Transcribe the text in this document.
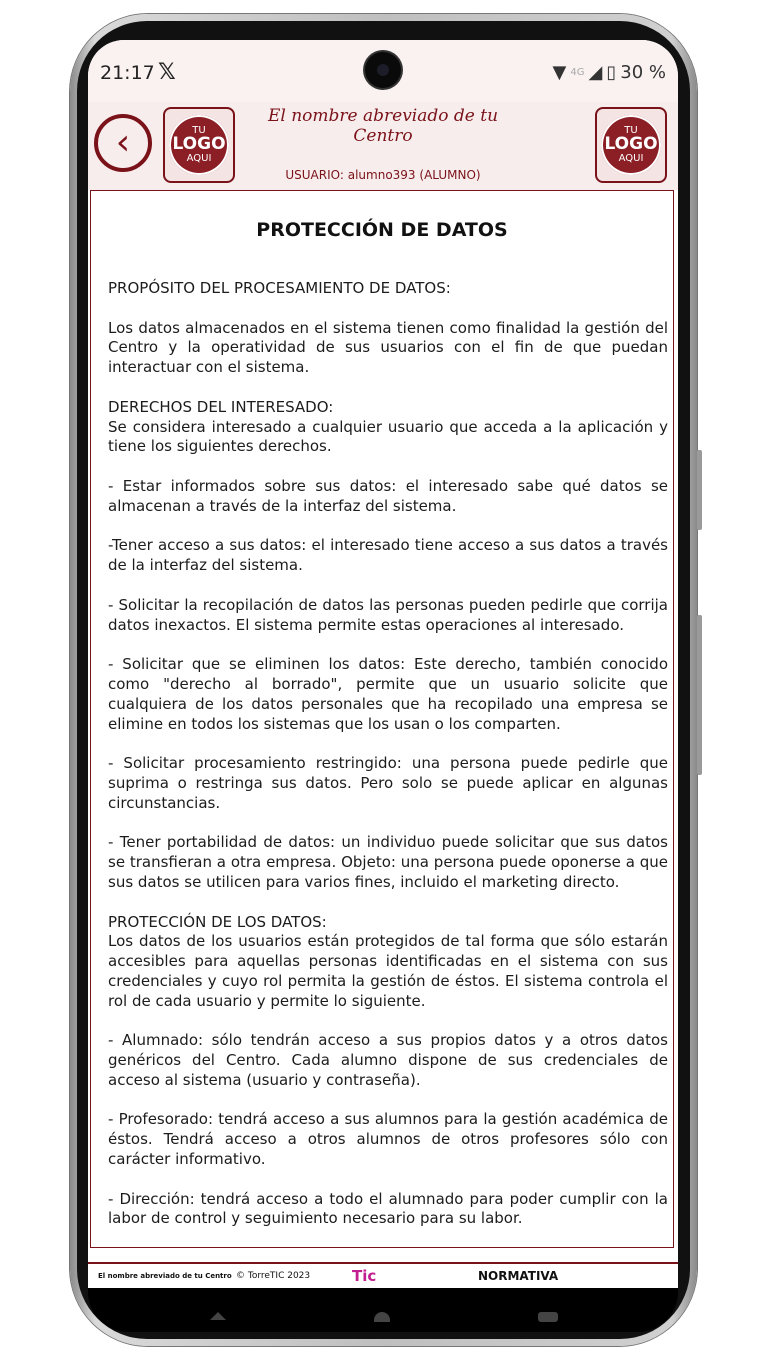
21:17 𝕏	▼ 4G ◢ ▯ 30 %
‹	TU
LOGO
AQUI
El nombre abreviado de tu Centro
USUARIO: alumno393 (ALUMNO)
TU
LOGO
AQUI
PROTECCIÓN DE DATOS

PROPÓSITO DEL PROCESAMIENTO DE DATOS:

Los datos almacenados en el sistema tienen como finalidad la gestión del Centro y la operatividad de sus usuarios con el fin de que puedan interactuar con el sistema.

DERECHOS DEL INTERESADO:
Se considera interesado a cualquier usuario que acceda a la aplicación y tiene los siguientes derechos.

- Estar informados sobre sus datos: el interesado sabe qué datos se almacenan a través de la interfaz del sistema.

-Tener acceso a sus datos: el interesado tiene acceso a sus datos a través de la interfaz del sistema.

- Solicitar la recopilación de datos las personas pueden pedirle que corrija datos inexactos. El sistema permite estas operaciones al interesado.

- Solicitar que se eliminen los datos: Este derecho, también conocido como "derecho al borrado", permite que un usuario solicite que cualquiera de los datos personales que ha recopilado una empresa se elimine en todos los sistemas que los usan o los comparten.

- Solicitar procesamiento restringido: una persona puede pedirle que suprima o restringa sus datos. Pero solo se puede aplicar en algunas circunstancias.

- Tener portabilidad de datos: un individuo puede solicitar que sus datos se transfieran a otra empresa. Objeto: una persona puede oponerse a que sus datos se utilicen para varios fines, incluido el marketing directo.

PROTECCIÓN DE LOS DATOS:
Los datos de los usuarios están protegidos de tal forma que sólo estarán accesibles para aquellas personas identificadas en el sistema con sus credenciales y cuyo rol permita la gestión de éstos. El sistema controla el rol de cada usuario y permite lo siguiente.

- Alumnado: sólo tendrán acceso a sus propios datos y a otros datos genéricos del Centro. Cada alumno dispone de sus credenciales de acceso al sistema (usuario y contraseña).

- Profesorado: tendrá acceso a sus alumnos para la gestión académica de éstos. Tendrá acceso a otros alumnos de otros profesores sólo con carácter informativo.

- Dirección: tendrá acceso a todo el alumnado para poder cumplir con la labor de control y seguimiento necesario para su labor.

El nombre abreviado de tu Centro © TorreTIC 2023	Tic	NORMATIVA
